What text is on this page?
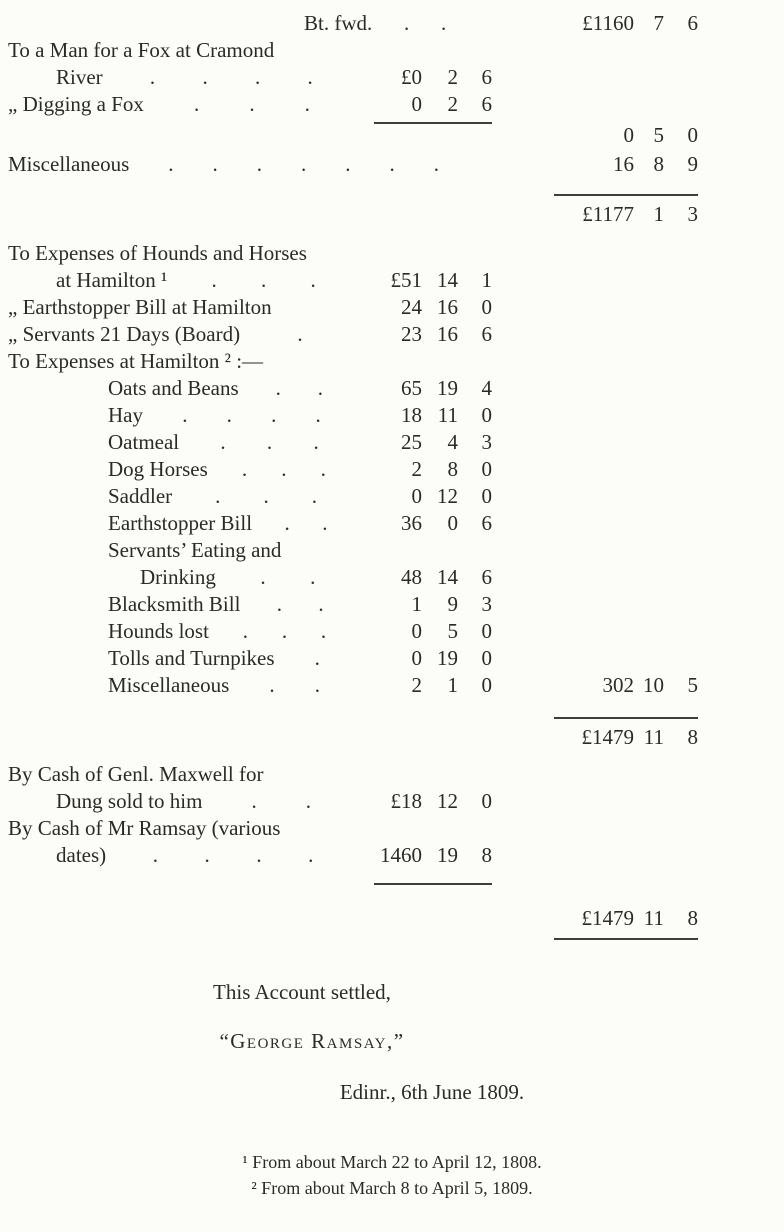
Bt. fwd. . .	£1160 7	6
To a Man for a Fox at Cramond
River . . . .	£0	2	6
„ Digging a Fox . . .	0	2	6
0 5	0
Miscellaneous . . . . . . .	16 8	9
£1177 1	3
To Expenses of Hounds and Horses
at Hamilton ¹ . . .	£51 14	1
„ Earthstopper Bill at Hamilton	24 16	0
„ Servants 21 Days (Board)	.	23 16	6
To Expenses at Hamilton ² :—
Oats and Beans . .	65 19	4
Hay . . . .	18 11	0
Oatmeal . . .	25	4	3
Dog Horses . . .	2	8	0
Saddler . . .	0 12	0
Earthstopper Bill . .	36	0	6
Servants’ Eating and
Drinking . .	48 14	6
Blacksmith Bill . .	1	9	3
Hounds lost . . .	0	5	0
Tolls and Turnpikes .	0 19	0
Miscellaneous . .	2	1	0	302 10	5
£1479 11	8
By Cash of Genl. Maxwell for
Dung sold to him . .	£18 12	0
By Cash of Mr Ramsay (various
dates) . . . .	1460 19	8
£1479 11	8
This Account settled,
“George Ramsay,”
Edinr., 6th June 1809.
¹ From about March 22 to April 12, 1808.
² From about March 8 to April 5, 1809.
